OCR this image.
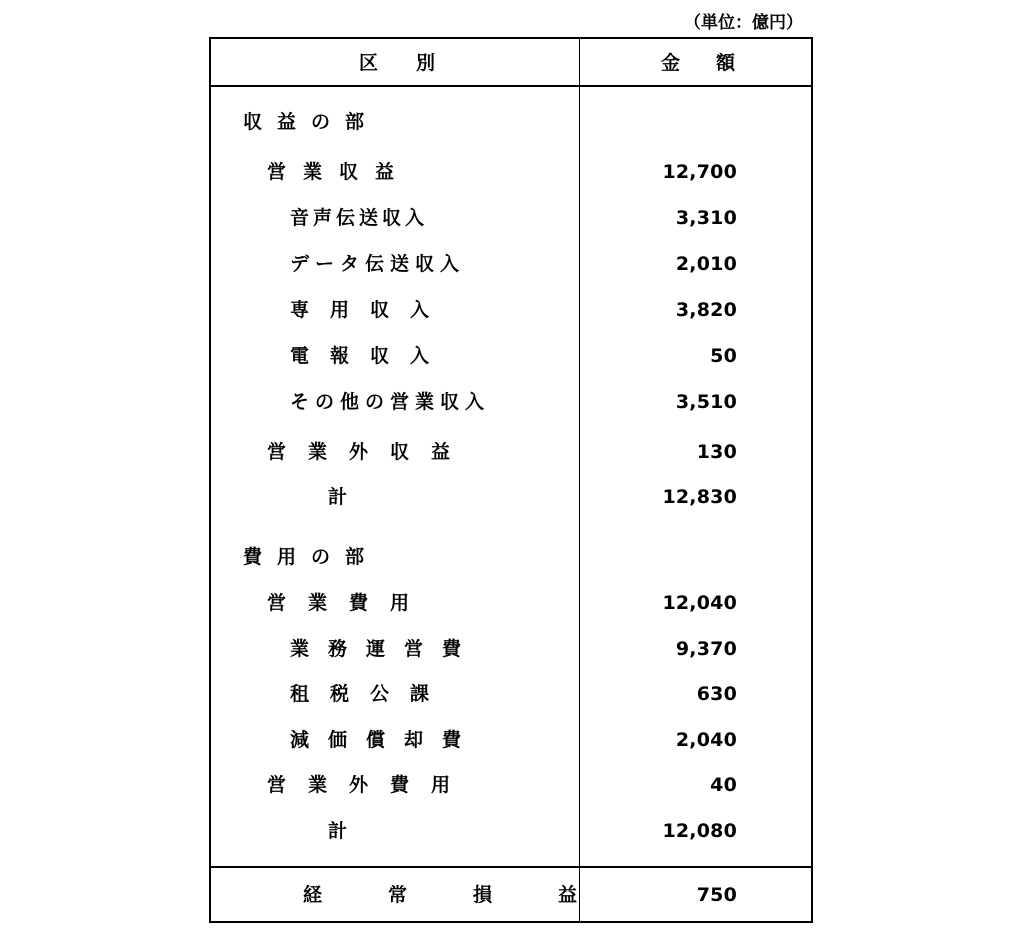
（単位：億円）
区別	金額
収益の部
営業収益	12,700
音声伝送収入	3,310
データ伝送収入	2,010
専用収入	3,820
電報収入	50
その他の営業収入	3,510
営業外収益	130
計	12,830
費用の部
営業費用	12,040
業務運営費	9,370
租税公課	630
減価償却費	2,040
営業外費用	40
計	12,080
経常損益	750
